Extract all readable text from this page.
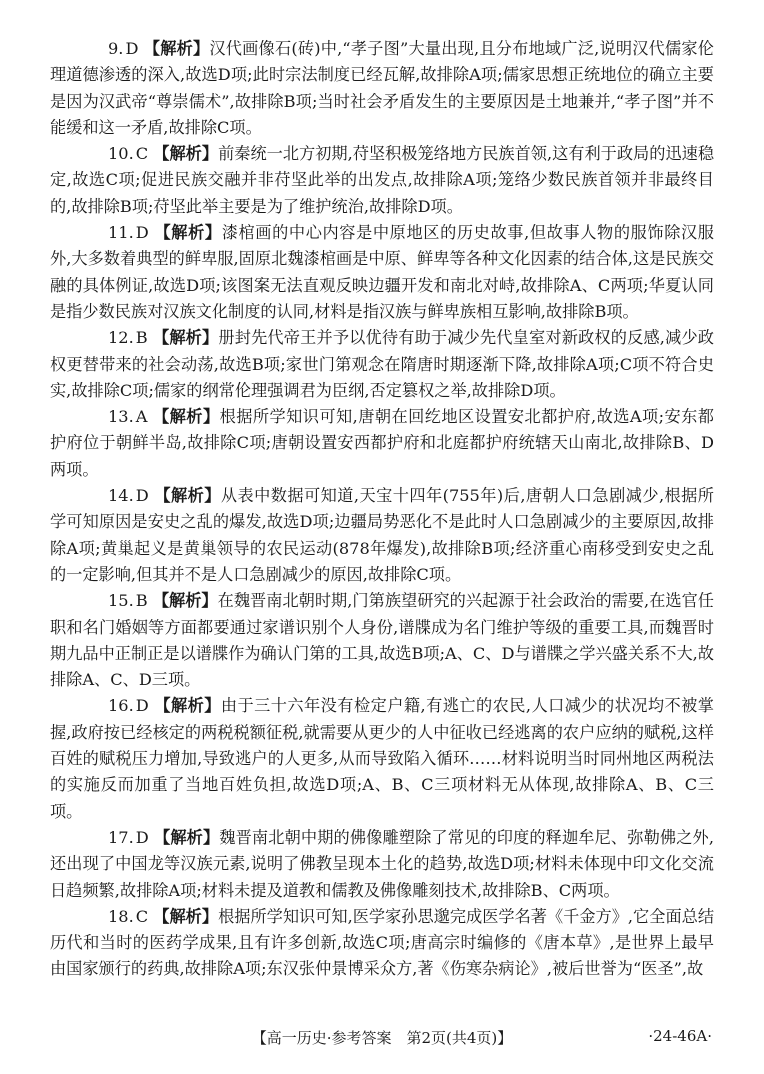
9. D 【解析】汉代画像石(砖)中,“孝子图”大量出现,且分布地域广泛,说明汉代儒家伦理道德渗透的深入,故选D项;此时宗法制度已经瓦解,故排除A项;儒家思想正统地位的确立主要是因为汉武帝“尊崇儒术”,故排除B项;当时社会矛盾发生的主要原因是土地兼并,“孝子图”并不能缓和这一矛盾,故排除C项。
10. C 【解析】前秦统一北方初期,苻坚积极笼络地方民族首领,这有利于政局的迅速稳定,故选C项;促进民族交融并非苻坚此举的出发点,故排除A项;笼络少数民族首领并非最终目的,故排除B项;苻坚此举主要是为了维护统治,故排除D项。
11. D 【解析】漆棺画的中心内容是中原地区的历史故事,但故事人物的服饰除汉服外,大多数着典型的鲜卑服,固原北魏漆棺画是中原、鲜卑等各种文化因素的结合体,这是民族交融的具体例证,故选D项;该图案无法直观反映边疆开发和南北对峙,故排除A、C两项;华夏认同是指少数民族对汉族文化制度的认同,材料是指汉族与鲜卑族相互影响,故排除B项。
12. B 【解析】册封先代帝王并予以优待有助于减少先代皇室对新政权的反感,减少政权更替带来的社会动荡,故选B项;家世门第观念在隋唐时期逐渐下降,故排除A项;C项不符合史实,故排除C项;儒家的纲常伦理强调君为臣纲,否定篡权之举,故排除D项。
13. A 【解析】根据所学知识可知,唐朝在回纥地区设置安北都护府,故选A项;安东都护府位于朝鲜半岛,故排除C项;唐朝设置安西都护府和北庭都护府统辖天山南北,故排除B、D两项。
14. D 【解析】从表中数据可知道,天宝十四年(755年)后,唐朝人口急剧减少,根据所学可知原因是安史之乱的爆发,故选D项;边疆局势恶化不是此时人口急剧减少的主要原因,故排除A项;黄巢起义是黄巢领导的农民运动(878年爆发),故排除B项;经济重心南移受到安史之乱的一定影响,但其并不是人口急剧减少的原因,故排除C项。
15. B 【解析】在魏晋南北朝时期,门第族望研究的兴起源于社会政治的需要,在选官任职和名门婚姻等方面都要通过家谱识别个人身份,谱牒成为名门维护等级的重要工具,而魏晋时期九品中正制正是以谱牒作为确认门第的工具,故选B项;A、C、D与谱牒之学兴盛关系不大,故排除A、C、D三项。
16. D 【解析】由于三十六年没有检定户籍,有逃亡的农民,人口减少的状况均不被掌握,政府按已经核定的两税税额征税,就需要从更少的人中征收已经逃离的农户应纳的赋税,这样百姓的赋税压力增加,导致逃户的人更多,从而导致陷入循环……材料说明当时同州地区两税法的实施反而加重了当地百姓负担,故选D项;A、B、C三项材料无从体现,故排除A、B、C三项。
17. D 【解析】魏晋南北朝中期的佛像雕塑除了常见的印度的释迦牟尼、弥勒佛之外,还出现了中国龙等汉族元素,说明了佛教呈现本土化的趋势,故选D项;材料未体现中印文化交流日趋频繁,故排除A项;材料未提及道教和儒教及佛像雕刻技术,故排除B、C两项。
18. C 【解析】根据所学知识可知,医学家孙思邈完成医学名著《千金方》,它全面总结历代和当时的医药学成果,且有许多创新,故选C项;唐高宗时编修的《唐本草》,是世界上最早由国家颁行的药典,故排除A项;东汉张仲景博采众方,著《伤寒杂病论》,被后世誉为“医圣”,故
【高一历史·参考答案　第2页(共4页)】	·24-46A·
